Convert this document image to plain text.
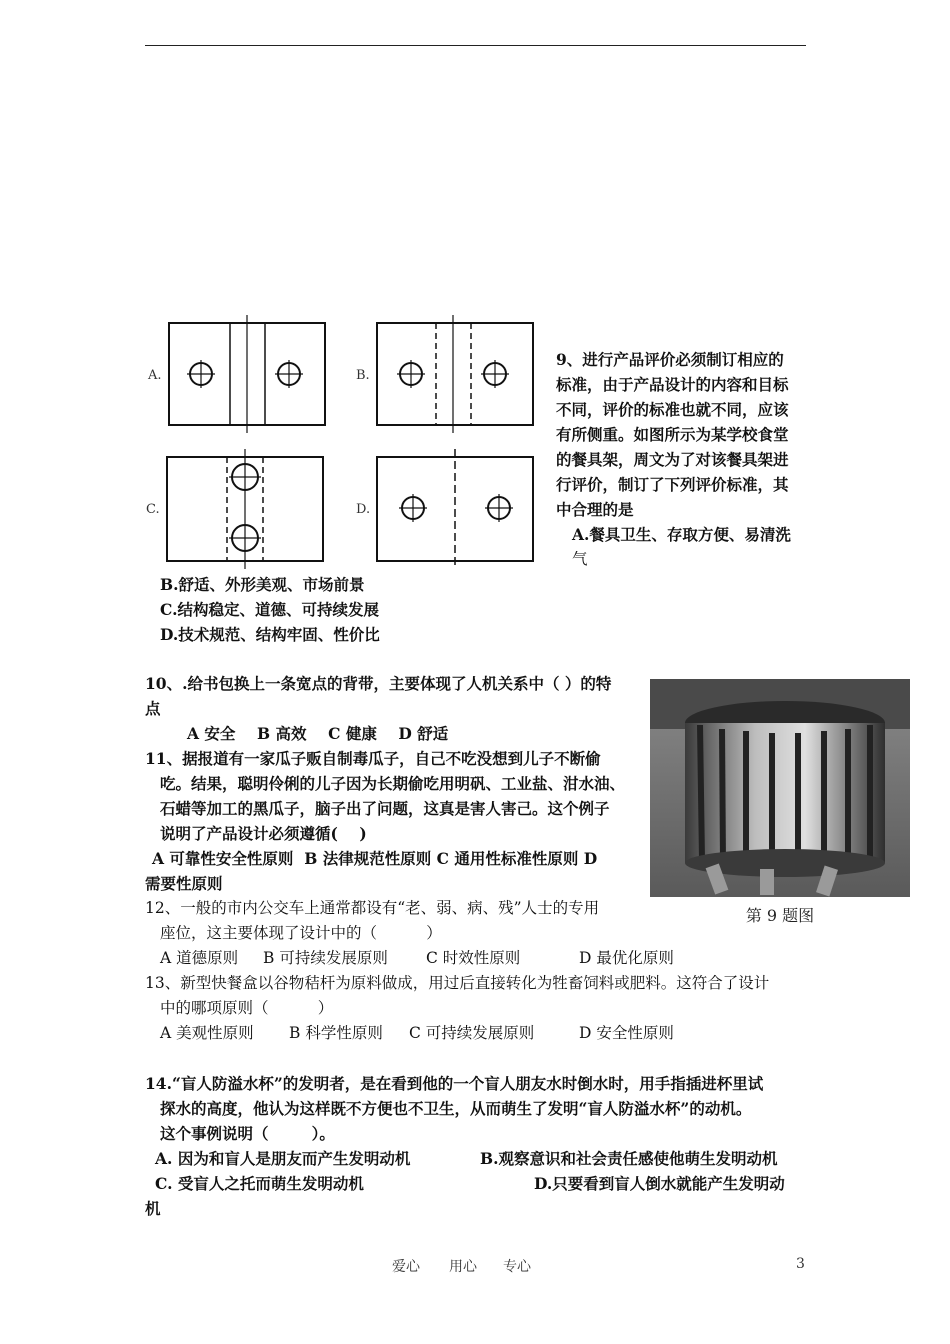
A.	B.
C.	D.
9、进行产品评价必须制订相应的
标准，由于产品设计的内容和目标
不同，评价的标准也就不同，应该
有所侧重。如图所示为某学校食堂
的餐具架，周文为了对该餐具架进
行评价，制订了下列评价标准，其
中合理的是
A.餐具卫生、存取方便、易清洗
气
B.舒适、外形美观、市场前景
C.结构稳定、道德、可持续发展
D.技术规范、结构牢固、性价比
第 9 题图
10、.给书包换上一条宽点的背带，主要体现了人机关系中（ ）的特
点
A 安全    B 高效    C 健康    D 舒适
11、据报道有一家瓜子贩自制毒瓜子，自己不吃没想到儿子不断偷
吃。结果，聪明伶俐的儿子因为长期偷吃用明矾、工业盐、泔水油、
石蜡等加工的黑瓜子，脑子出了问题，这真是害人害己。这个例子
说明了产品设计必须遵循(    )
A 可靠性安全性原则  B 法律规范性原则 C 通用性标准性原则 D
需要性原则
12、一般的市内公交车上通常都设有“老、弱、病、残”人士的专用
座位，这主要体现了设计中的（          ）
A 道德原则 B 可持续发展原则 C 时效性原则	D 最优化原则
13、新型快餐盒以谷物秸杆为原料做成，用过后直接转化为牲畜饲料或肥料。这符合了设计
中的哪项原则（          ）
A 美观性原则 B 科学性原则 C 可持续发展原则	D 安全性原则
14.“盲人防溢水杯”的发明者，是在看到他的一个盲人朋友水时倒水时，用手指插进杯里试
探水的高度，他认为这样既不方便也不卫生，从而萌生了发明“盲人防溢水杯”的动机。
这个事例说明（        ）。
A. 因为和盲人是朋友而产生发明动机	B.观察意识和社会责任感使他萌生发明动机
C. 受盲人之托而萌生发明动机	D.只要看到盲人倒水就能产生发明动
机
爱心 用心 专心	3
